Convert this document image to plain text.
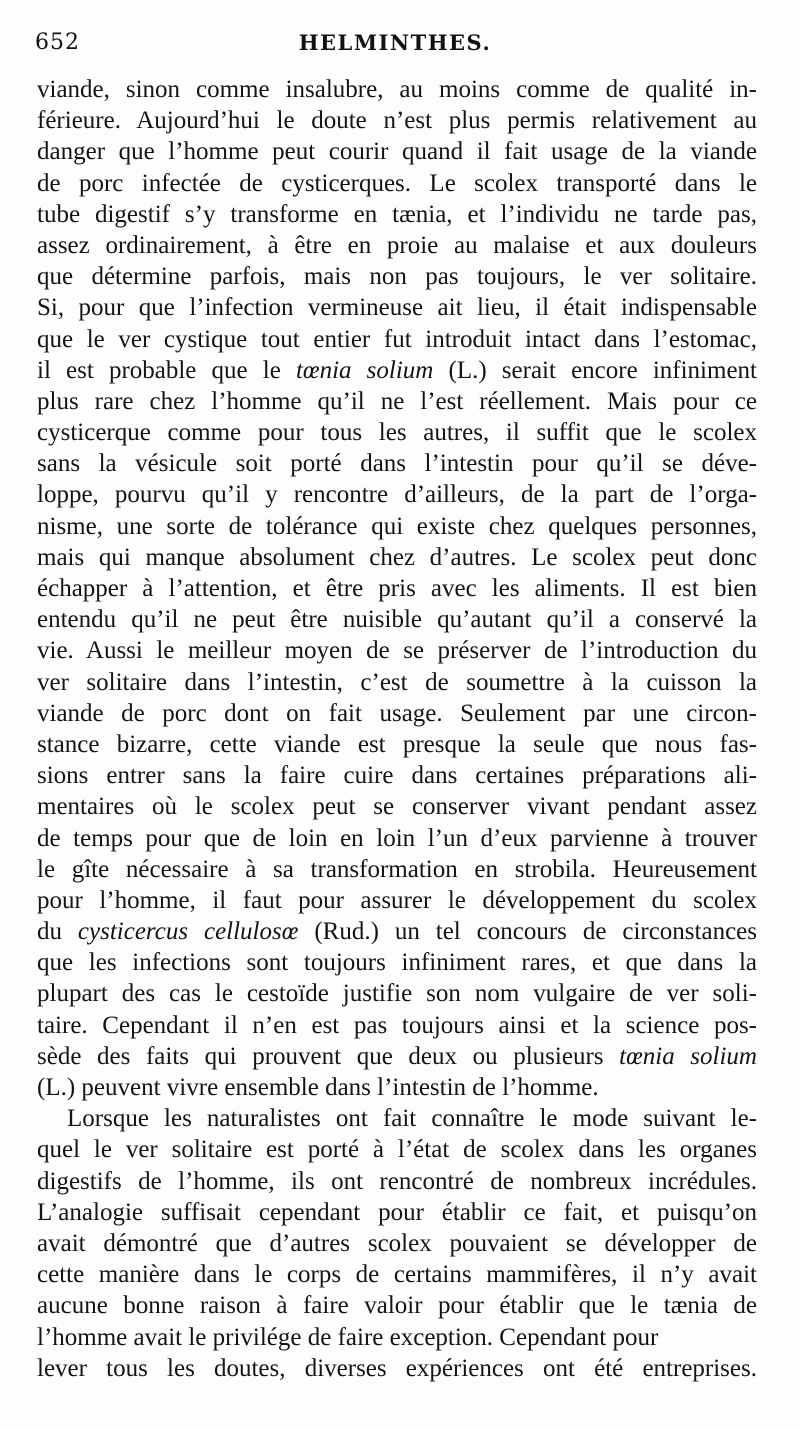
652	HELMINTHES.
viande, sinon comme insalubre, au moins comme de qualité in-
férieure. Aujourd’hui le doute n’est plus permis relativement au
danger que l’homme peut courir quand il fait usage de la viande
de porc infectée de cysticerques. Le scolex transporté dans le
tube digestif s’y transforme en tænia, et l’individu ne tarde pas,
assez ordinairement, à être en proie au malaise et aux douleurs
que détermine parfois, mais non pas toujours, le ver solitaire.
Si, pour que l’infection vermineuse ait lieu, il était indispensable
que le ver cystique tout entier fut introduit intact dans l’estomac,
il est probable que le tœnia solium (L.) serait encore infiniment
plus rare chez l’homme qu’il ne l’est réellement. Mais pour ce
cysticerque comme pour tous les autres, il suffit que le scolex
sans la vésicule soit porté dans l’intestin pour qu’il se déve-
loppe, pourvu qu’il y rencontre d’ailleurs, de la part de l’orga-
nisme, une sorte de tolérance qui existe chez quelques personnes,
mais qui manque absolument chez d’autres. Le scolex peut donc
échapper à l’attention, et être pris avec les aliments. Il est bien
entendu qu’il ne peut être nuisible qu’autant qu’il a conservé la
vie. Aussi le meilleur moyen de se préserver de l’introduction du
ver solitaire dans l’intestin, c’est de soumettre à la cuisson la
viande de porc dont on fait usage. Seulement par une circon-
stance bizarre, cette viande est presque la seule que nous fas-
sions entrer sans la faire cuire dans certaines préparations ali-
mentaires où le scolex peut se conserver vivant pendant assez
de temps pour que de loin en loin l’un d’eux parvienne à trouver
le gîte nécessaire à sa transformation en strobila. Heureusement
pour l’homme, il faut pour assurer le développement du scolex
du cysticercus cellulosœ (Rud.) un tel concours de circonstances
que les infections sont toujours infiniment rares, et que dans la
plupart des cas le cestoïde justifie son nom vulgaire de ver soli-
taire. Cependant il n’en est pas toujours ainsi et la science pos-
sède des faits qui prouvent que deux ou plusieurs tœnia solium
(L.) peuvent vivre ensemble dans l’intestin de l’homme.
Lorsque les naturalistes ont fait connaître le mode suivant le-
quel le ver solitaire est porté à l’état de scolex dans les organes
digestifs de l’homme, ils ont rencontré de nombreux incrédules.
L’analogie suffisait cependant pour établir ce fait, et puisqu’on
avait démontré que d’autres scolex pouvaient se développer de
cette manière dans le corps de certains mammifères, il n’y avait
aucune bonne raison à faire valoir pour établir que le tænia de
l’homme avait le privilége de faire exception. Cependant pour
lever tous les doutes, diverses expériences ont été entreprises.
